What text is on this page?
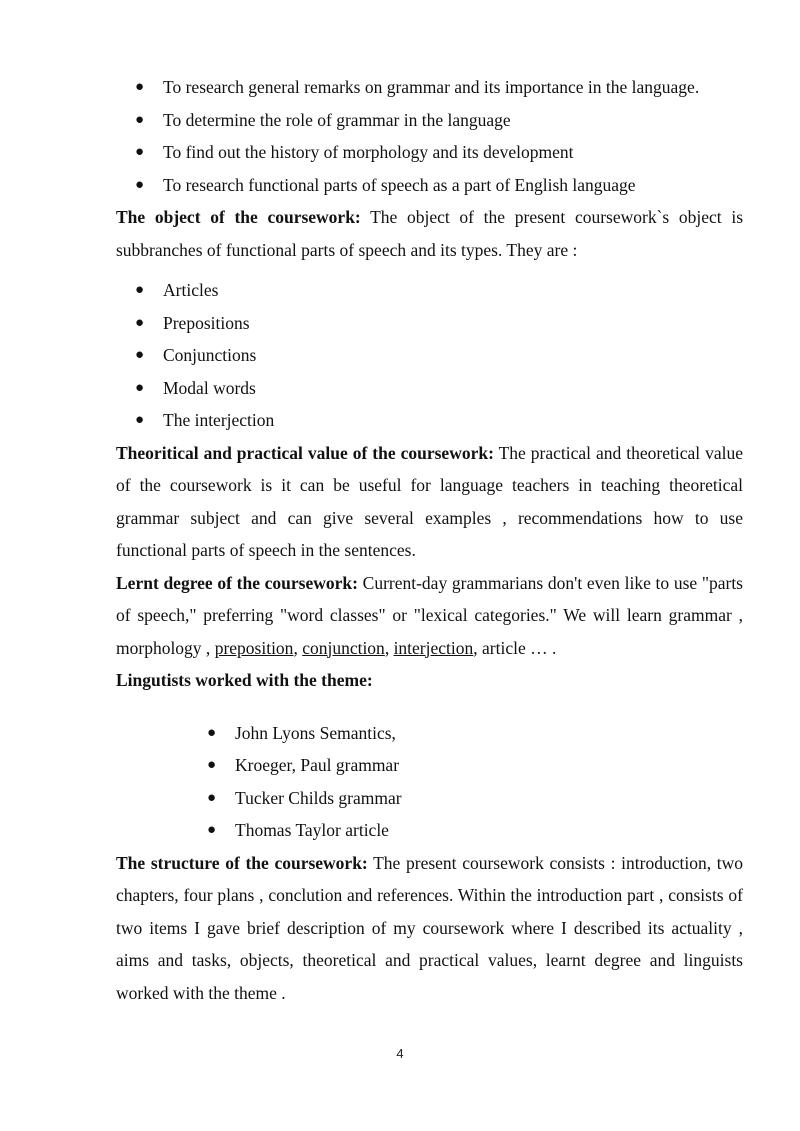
● To research general remarks on grammar and its importance in the language.
● To determine the role of grammar in the language
● To find out the history of morphology and its development
● To research functional parts of speech as a part of English language

The object of the coursework: The object of the present coursework`s object is subbranches of functional parts of speech and its types. They are :

● Articles
● Prepositions
● Conjunctions
● Modal words
● The interjection

Theoritical and practical value of the coursework: The practical and theoretical value of the coursework is it can be useful for language teachers in teaching theoretical grammar subject and can give several examples , recommendations how to use functional parts of speech in the sentences.

Lernt degree of the coursework: Current-day grammarians don't even like to use "parts of speech," preferring "word classes" or "lexical categories." We will learn grammar , morphology , preposition, conjunction, interjection, article … .

Lingutists worked with the theme:

● John Lyons Semantics,
● Kroeger, Paul grammar
● Tucker Childs grammar
● Thomas Taylor article

The structure of the coursework: The present coursework consists : introduction, two chapters, four plans , conclution and references. Within the introduction part , consists of two items I gave brief description of my coursework where I described its actuality , aims and tasks, objects, theoretical and practical values, learnt degree and linguists worked with the theme .

4
